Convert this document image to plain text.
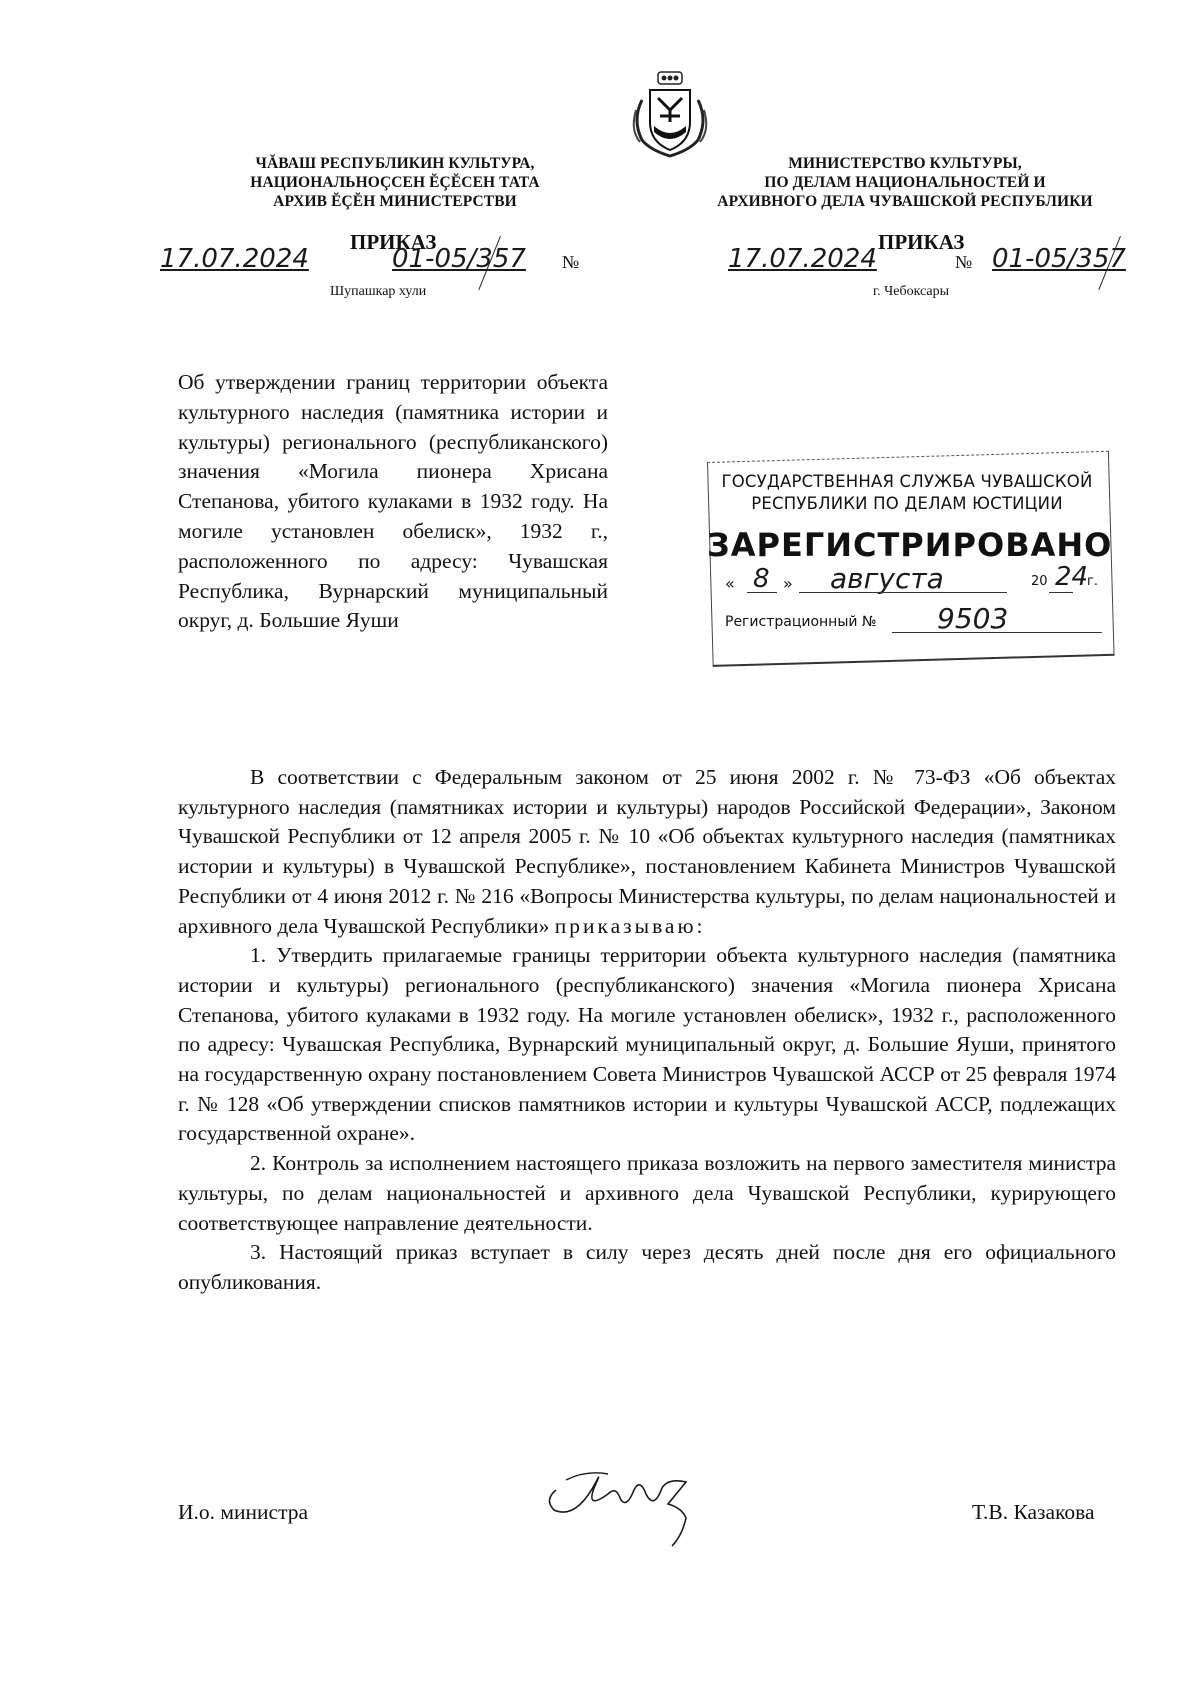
ЧĂВАШ РЕСПУБЛИКИН КУЛЬТУРА,
НАЦИОНАЛЬНОÇСЕН ĔÇĔСЕН ТАТА
АРХИВ ĔÇĔН МИНИСТЕРСТВИ
МИНИСТЕРСТВО КУЛЬТУРЫ,
ПО ДЕЛАМ НАЦИОНАЛЬНОСТЕЙ И
АРХИВНОГО ДЕЛА ЧУВАШСКОЙ РЕСПУБЛИКИ
ПРИКАЗ	ПРИКАЗ
17.07.2024	01-05/357 №	17.07.2024	№ 01-05/357
Шупашкар хули	г. Чебоксары
Об утверждении границ территории объекта культурного наследия (памятника истории и культуры) регионального (республиканского) значения «Могила пионера Хрисана Степанова, убитого кулаками в 1932 году. На могиле установлен обелиск», 1932 г., расположенного по адресу: Чувашская Республика, Вурнарский муниципальный округ, д. Большие Яуши
ГОСУДАРСТВЕННАЯ СЛУЖБА ЧУВАШСКОЙ
РЕСПУБЛИКИ ПО ДЕЛАМ ЮСТИЦИИ
ЗАРЕГИСТРИРОВАНО
« 8 » августа	20 24
г.
Регистрационный № 9503

В соответствии с Федеральным законом от 25 июня 2002 г. № 73-ФЗ «Об объектах культурного наследия (памятниках истории и культуры) народов Российской Федерации», Законом Чувашской Республики от 12 апреля 2005 г. № 10 «Об объектах культурного наследия (памятниках истории и культуры) в Чувашской Республике», постановлением Кабинета Министров Чувашской Республики от 4 июня 2012 г. № 216 «Вопросы Министерства культуры, по делам национальностей и архивного дела Чувашской Республики» приказываю:

1. Утвердить прилагаемые границы территории объекта культурного наследия (памятника истории и культуры) регионального (республиканского) значения «Могила пионера Хрисана Степанова, убитого кулаками в 1932 году. На могиле установлен обелиск», 1932 г., расположенного по адресу: Чувашская Республика, Вурнарский муниципальный округ, д. Большие Яуши, принятого на государственную охрану постановлением Совета Министров Чувашской АССР от 25 февраля 1974 г. № 128 «Об утверждении списков памятников истории и культуры Чувашской АССР, подлежащих государственной охране».

2. Контроль за исполнением настоящего приказа возложить на первого заместителя министра культуры, по делам национальностей и архивного дела Чувашской Республики, курирующего соответствующее направление деятельности.

3. Настоящий приказ вступает в силу через десять дней после дня его официального опубликования.

И.о. министра	Т.В. Казакова
